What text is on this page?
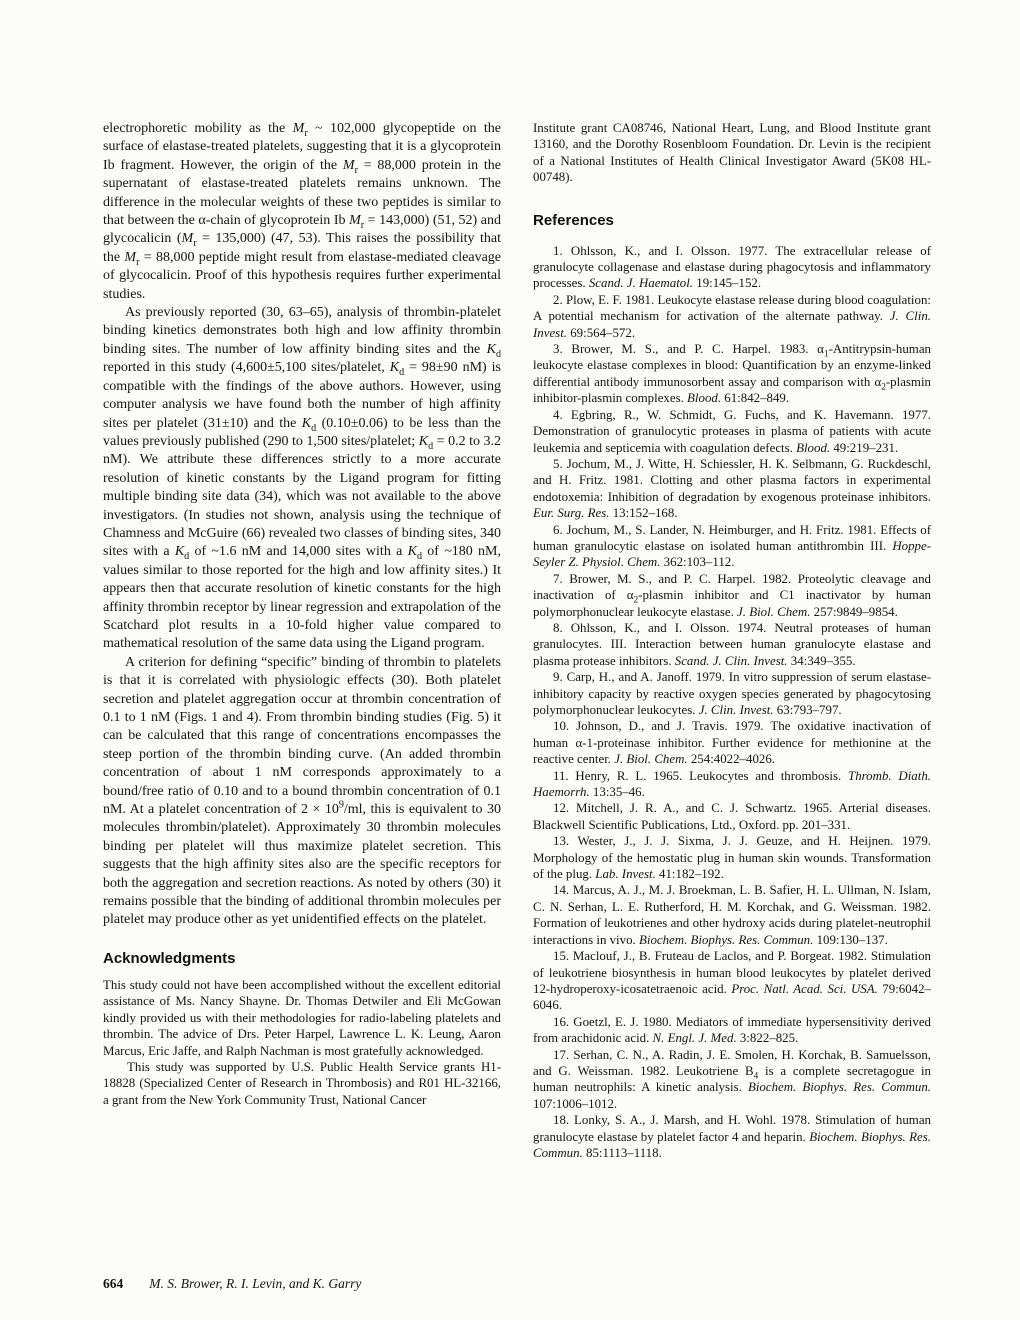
electrophoretic mobility as the $M_r$ ~ 102,000 glycopeptide on the surface of elastase-treated platelets, suggesting that it is a glycoprotein Ib fragment. However, the origin of the $M_r = 88,000$ protein in the supernatant of elastase-treated platelets remains unknown. The difference in the molecular weights of these two peptides is similar to that between the α-chain of glycoprotein Ib $M_r = 143,000$) (51, 52) and glycocalicin $(M_r = 135,000)$ (47, 53). This raises the possibility that the $M_r = 88,000$ peptide might result from elastase-mediated cleavage of glycocalicin. Proof of this hypothesis requires further experimental studies.

As previously reported (30, 63–65), analysis of thrombin-platelet binding kinetics demonstrates both high and low affinity thrombin binding sites. The number of low affinity binding sites and the $K_d$ reported in this study (4,600±5,100 sites/platelet, $K_d = 98\pm 90$ nM) is compatible with the findings of the above authors. However, using computer analysis we have found both the number of high affinity sites per platelet (31±10) and the $K_d$ (0.10±0.06) to be less than the values previously published (290 to 1,500 sites/platelet; $K_d = 0.2$ to 3.2 nM). We attribute these differences strictly to a more accurate resolution of kinetic constants by the Ligand program for fitting multiple binding site data (34), which was not available to the above investigators. (In studies not shown, analysis using the technique of Chamness and McGuire (66) revealed two classes of binding sites, 340 sites with a $K_d$ of ~1.6 nM and 14,000 sites with a $K_d$ of ~180 nM, values similar to those reported for the high and low affinity sites.) It appears then that accurate resolution of kinetic constants for the high affinity thrombin receptor by linear regression and extrapolation of the Scatchard plot results in a 10-fold higher value compared to mathematical resolution of the same data using the Ligand program.

A criterion for defining “specific” binding of thrombin to platelets is that it is correlated with physiologic effects (30). Both platelet secretion and platelet aggregation occur at thrombin concentration of 0.1 to 1 nM (Figs. 1 and 4). From thrombin binding studies (Fig. 5) it can be calculated that this range of concentrations encompasses the steep portion of the thrombin binding curve. (An added thrombin concentration of about 1 nM corresponds approximately to a bound/free ratio of 0.10 and to a bound thrombin concentration of 0.1 nM. At a platelet concentration of $2 \times 10^9/ml$, this is equivalent to 30 molecules thrombin/platelet). Approximately 30 thrombin molecules binding per platelet will thus maximize platelet secretion. This suggests that the high affinity sites also are the specific receptors for both the aggregation and secretion reactions. As noted by others (30) it remains possible that the binding of additional thrombin molecules per platelet may produce other as yet unidentified effects on the platelet.

Acknowledgments

This study could not have been accomplished without the excellent editorial assistance of Ms. Nancy Shayne. Dr. Thomas Detwiler and Eli McGowan kindly provided us with their methodologies for radio-labeling platelets and thrombin. The advice of Drs. Peter Harpel, Lawrence L. K. Leung, Aaron Marcus, Eric Jaffe, and Ralph Nachman is most gratefully acknowledged.

This study was supported by U.S. Public Health Service grants H1-18828 (Specialized Center of Research in Thrombosis) and R01 HL-32166, a grant from the New York Community Trust, National Cancer

Institute grant CA08746, National Heart, Lung, and Blood Institute grant 13160, and the Dorothy Rosenbloom Foundation. Dr. Levin is the recipient of a National Institutes of Health Clinical Investigator Award (5K08 HL-00748).

References

1. Ohlsson, K., and I. Olsson. 1977. The extracellular release of granulocyte collagenase and elastase during phagocytosis and inflammatory processes. Scand. J. Haematol. 19:145–152.

2. Plow, E. F. 1981. Leukocyte elastase release during blood coagulation: A potential mechanism for activation of the alternate pathway. J. Clin. Invest. 69:564–572.

3. Brower, M. S., and P. C. Harpel. 1983. $\alpha_1-Antitrypsin$-human leukocyte elastase complexes in blood: Quantification by an enzyme-linked differential antibody immunosorbent assay and comparison with $\alpha_2$-plasmin inhibitor-plasmin complexes. Blood. 61:842–849.

4. Egbring, R., W. Schmidt, G. Fuchs, and K. Havemann. 1977. Demonstration of granulocytic proteases in plasma of patients with acute leukemia and septicemia with coagulation defects. Blood. 49:219–231.

5. Jochum, M., J. Witte, H. Schiessler, H. K. Selbmann, G. Ruckdeschl, and H. Fritz. 1981. Clotting and other plasma factors in experimental endotoxemia: Inhibition of degradation by exogenous proteinase inhibitors. Eur. Surg. Res. 13:152–168.

6. Jochum, M., S. Lander, N. Heimburger, and H. Fritz. 1981. Effects of human granulocytic elastase on isolated human antithrombin III. Hoppe-Seyler Z. Physiol. Chem. 362:103–112.

7. Brower, M. S., and P. C. Harpel. 1982. Proteolytic cleavage and inactivation of $\alpha_2$-plasmin inhibitor and C1 inactivator by human polymorphonuclear leukocyte elastase. J. Biol. Chem. 257:9849–9854.

8. Ohlsson, K., and I. Olsson. 1974. Neutral proteases of human granulocytes. III. Interaction between human granulocyte elastase and plasma protease inhibitors. Scand. J. Clin. Invest. 34:349–355.

9. Carp, H., and A. Janoff. 1979. In vitro suppression of serum elastase-inhibitory capacity by reactive oxygen species generated by phagocytosing polymorphonuclear leukocytes. J. Clin. Invest. 63:793–797.

10. Johnson, D., and J. Travis. 1979. The oxidative inactivation of human α-1-proteinase inhibitor. Further evidence for methionine at the reactive center. J. Biol. Chem. 254:4022–4026.

11. Henry, R. L. 1965. Leukocytes and thrombosis. Thromb. Diath. Haemorrh. 13:35–46.

12. Mitchell, J. R. A., and C. J. Schwartz. 1965. Arterial diseases. Blackwell Scientific Publications, Ltd., Oxford. pp. 201–331.

13. Wester, J., J. J. Sixma, J. J. Geuze, and H. Heijnen. 1979. Morphology of the hemostatic plug in human skin wounds. Transformation of the plug. Lab. Invest. 41:182–192.

14. Marcus, A. J., M. J. Broekman, L. B. Safier, H. L. Ullman, N. Islam, C. N. Serhan, L. E. Rutherford, H. M. Korchak, and G. Weissman. 1982. Formation of leukotrienes and other hydroxy acids during platelet-neutrophil interactions in vivo. Biochem. Biophys. Res. Commun. 109:130–137.

15. Maclouf, J., B. Fruteau de Laclos, and P. Borgeat. 1982. Stimulation of leukotriene biosynthesis in human blood leukocytes by platelet derived 12-hydroperoxy-icosatetraenoic acid. Proc. Natl. Acad. Sci. USA. 79:6042–6046.

16. Goetzl, E. J. 1980. Mediators of immediate hypersensitivity derived from arachidonic acid. N. Engl. J. Med. 3:822–825.

17. Serhan, C. N., A. Radin, J. E. Smolen, H. Korchak, B. Samuelsson, and G. Weissman. 1982. Leukotriene $B_4$ is a complete secretagogue in human neutrophils: A kinetic analysis. Biochem. Biophys. Res. Commun. 107:1006–1012.

18. Lonky, S. A., J. Marsh, and H. Wohl. 1978. Stimulation of human granulocyte elastase by platelet factor 4 and heparin. Biochem. Biophys. Res. Commun. 85:1113–1118.

664 M. S. Brower, R. I. Levin, and K. Garry
